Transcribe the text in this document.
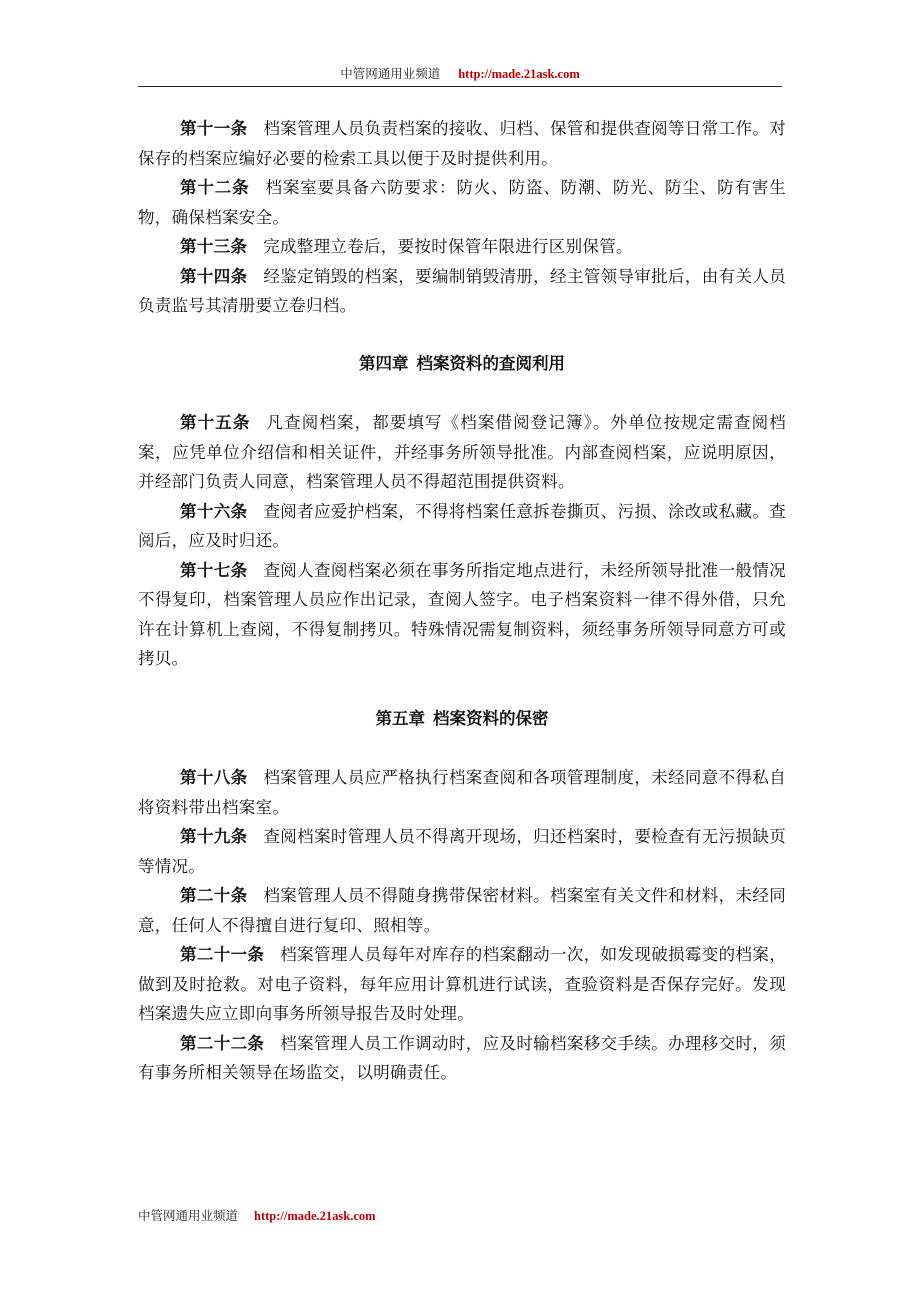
中管网通用业频道 http://made.21ask.com

第十一条 档案管理人员负责档案的接收、归档、保管和提供查阅等日常工作。对保存的档案应编好必要的检索工具以便于及时提供利用。

第十二条 档案室要具备六防要求：防火、防盗、防潮、防光、防尘、防有害生物，确保档案安全。

第十三条 完成整理立卷后，要按时保管年限进行区别保管。

第十四条 经鉴定销毁的档案，要编制销毁清册，经主管领导审批后，由有关人员负责监号其清册要立卷归档。

第四章 档案资料的查阅利用

第十五条 凡查阅档案，都要填写《档案借阅登记簿》。外单位按规定需查阅档案，应凭单位介绍信和相关证件，并经事务所领导批准。内部查阅档案，应说明原因，并经部门负责人同意，档案管理人员不得超范围提供资料。

第十六条 查阅者应爱护档案，不得将档案任意拆卷撕页、污损、涂改或私藏。查阅后，应及时归还。

第十七条 查阅人查阅档案必须在事务所指定地点进行，未经所领导批准一般情况不得复印，档案管理人员应作出记录，查阅人签字。电子档案资料一律不得外借，只允许在计算机上查阅，不得复制拷贝。特殊情况需复制资料，须经事务所领导同意方可或拷贝。

第五章 档案资料的保密

第十八条 档案管理人员应严格执行档案查阅和各项管理制度，未经同意不得私自将资料带出档案室。

第十九条 查阅档案时管理人员不得离开现场，归还档案时，要检查有无污损缺页等情况。

第二十条 档案管理人员不得随身携带保密材料。档案室有关文件和材料，未经同意，任何人不得擅自进行复印、照相等。

第二十一条 档案管理人员每年对库存的档案翻动一次，如发现破损霉变的档案，做到及时抢救。对电子资料，每年应用计算机进行试读，查验资料是否保存完好。发现档案遗失应立即向事务所领导报告及时处理。

第二十二条 档案管理人员工作调动时，应及时输档案移交手续。办理移交时，须有事务所相关领导在场监交，以明确责任。

中管网通用业频道 http://made.21ask.com
